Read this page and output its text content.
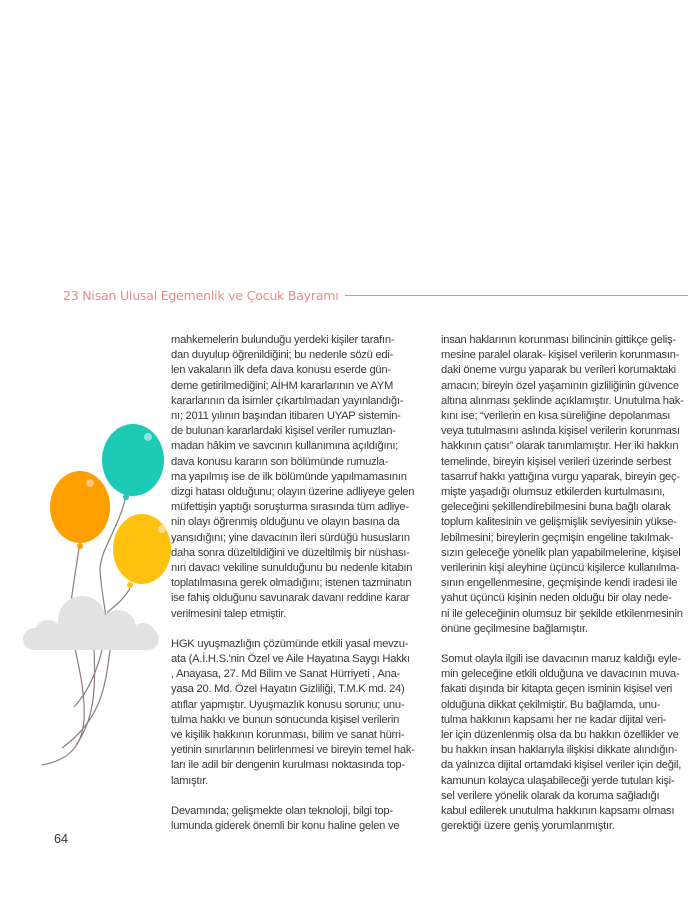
23 Nisan Ulusal Egemenlik ve Çocuk Bayramı
mahkemelerin bulunduğu yerdeki kişiler tarafın-
dan duyulup öğrenildiğini; bu nedenle sözü edi-
len vakaların ilk defa dava konusu eserde gün-
deme getirilmediğini; AİHM kararlarının ve AYM
kararlarının da isimler çıkartılmadan yayınlandığı-
nı; 2011 yılının başından itibaren UYAP sistemin-
de bulunan kararlardaki kişisel veriler rumuzlan-
madan hâkim ve savcının kullanımına açıldığını;
dava konusu kararın son bölümünde rumuzla-
ma yapılmış ise de ilk bölümünde yapılmamasının
dizgi hatası olduğunu; olayın üzerine adliyeye gelen
müfettişin yaptığı soruşturma sırasında tüm adliye-
nin olayı öğrenmiş olduğunu ve olayın basına da
yansıdığını; yine davacının ileri sürdüğü hususların
daha sonra düzeltildiğini ve düzeltilmiş bir nüshası-
nın davacı vekiline sunulduğunu bu nedenle kitabın
toplatılmasına gerek olmadığını; istenen tazminatın
ise fahiş olduğunu savunarak davanı reddine karar
verilmesini talep etmiştir.
HGK uyuşmazlığın çözümünde etkili yasal mevzu-
ata (A.İ.H.S.'nin Özel ve Aile Hayatına Saygı Hakkı
, Anayasa, 27. Md Bilim ve Sanat Hürriyeti , Ana-
yasa 20. Md. Özel Hayatın Gizliliği, T.M.K md. 24)
atıflar yapmıştır. Uyuşmazlık konusu sorunu; unu-
tulma hakkı ve bunun sonucunda kişisel verilerin
ve kişilik hakkının korunması, bilim ve sanat hürri-
yetinin sınırlarının belirlenmesi ve bireyin temel hak-
ları ile adil bir dengenin kurulması noktasında top-
lamıştır.
Devamında; gelişmekte olan teknoloji, bilgi top-
lumunda giderek önemli bir konu haline gelen ve
insan haklarının korunması bilincinin gittikçe geliş-
mesine paralel olarak- kişisel verilerin korunmasın-
daki öneme vurgu yaparak bu verileri korumaktaki
amacın; bireyin özel yaşamının gizliliğinin güvence
altına alınması şeklinde açıklamıştır. Unutulma hak-
kını ise; “verilerin en kısa süreliğine depolanması
veya tutulmasını aslında kişisel verilerin korunması
hakkının çatısı” olarak tanımlamıştır. Her iki hakkın
temelinde, bireyin kişisel verileri üzerinde serbest
tasarruf hakkı yattığına vurgu yaparak, bireyin geç-
mişte yaşadığı olumsuz etkilerden kurtulmasını,
geleceğini şekillendirebilmesini buna bağlı olarak
toplum kalitesinin ve gelişmişlik seviyesinin yükse-
lebilmesini; bireylerin geçmişin engeline takılmak-
sızın geleceğe yönelik plan yapabilmelerine, kişisel
verilerinin kişi aleyhine üçüncü kişilerce kullanılma-
sının engellenmesine, geçmişinde kendi iradesi ile
yahut üçüncü kişinin neden olduğu bir olay nede-
ni ile geleceğinin olumsuz bir şekilde etkilenmesinin
önüne geçilmesine bağlamıştır.
Somut olayla ilgili ise davacının maruz kaldığı eyle-
min geleceğine etkili olduğuna ve davacının muva-
fakati dışında bir kitapta geçen isminin kişisel veri
olduğuna dikkat çekilmiştir. Bu bağlamda, unu-
tulma hakkının kapsamı her ne kadar dijital veri-
ler için düzenlenmiş olsa da bu hakkın özellikler ve
bu hakkın insan haklarıyla ilişkisi dikkate alındığın-
da yalnızca dijital ortamdaki kişisel veriler için değil,
kamunun kolayca ulaşabileceği yerde tutulan kişi-
sel verilere yönelik olarak da koruma sağladığı
kabul edilerek unutulma hakkının kapsamı olması
gerektiği üzere geniş yorumlanmıştır.
64
